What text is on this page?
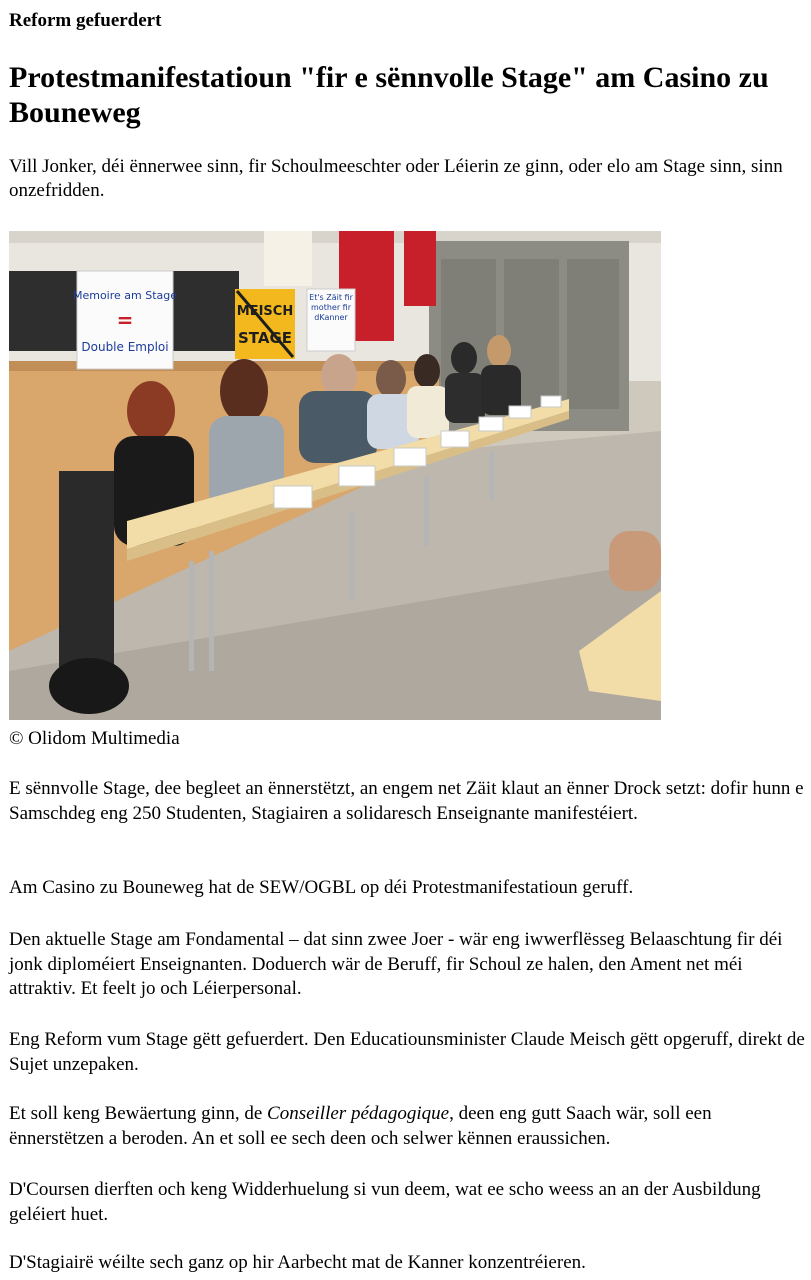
Reform gefuerdert
Protestmanifestatioun "fir e sënnvolle Stage" am Casino zu Bouneweg

Vill Jonker, déi ënnerwee sinn, fir Schoulmeeschter oder Léierin ze ginn, oder elo am Stage sinn, sinn onzefridden.

Memoire am Stage
=
Double Emploi
MEISCH
STAGE
Et's Zäit fir mother fir dKanner
© Olidom Multimedia

E sënnvolle Stage, dee begleet an ënnerstëtzt, an engem net Zäit klaut an ënner Drock setzt: dofir hunn e Samschdeg eng 250 Studenten, Stagiairen a solidaresch Enseignante manifestéiert.

Am Casino zu Bouneweg hat de SEW/OGBL op déi Protestmanifestatioun geruff.

Den aktuelle Stage am Fondamental – dat sinn zwee Joer - wär eng iwwerflësseg Belaaschtung fir déi jonk diploméiert Enseignanten. Doduerch wär de Beruff, fir Schoul ze halen, den Ament net méi attraktiv. Et feelt jo och Léierpersonal.

Eng Reform vum Stage gëtt gefuerdert. Den Educatiounsminister Claude Meisch gëtt opgeruff, direkt de Sujet unzepaken.

Et soll keng Bewäertung ginn, de Conseiller pédagogique, deen eng gutt Saach wär, soll een ënnerstëtzen a beroden. An et soll ee sech deen och selwer kënnen eraussichen.

D'Coursen dierften och keng Widderhuelung si vun deem, wat ee scho weess an an der Ausbildung geléiert huet.

D'Stagiairë wéilte sech ganz op hir Aarbecht mat de Kanner konzentréieren.
